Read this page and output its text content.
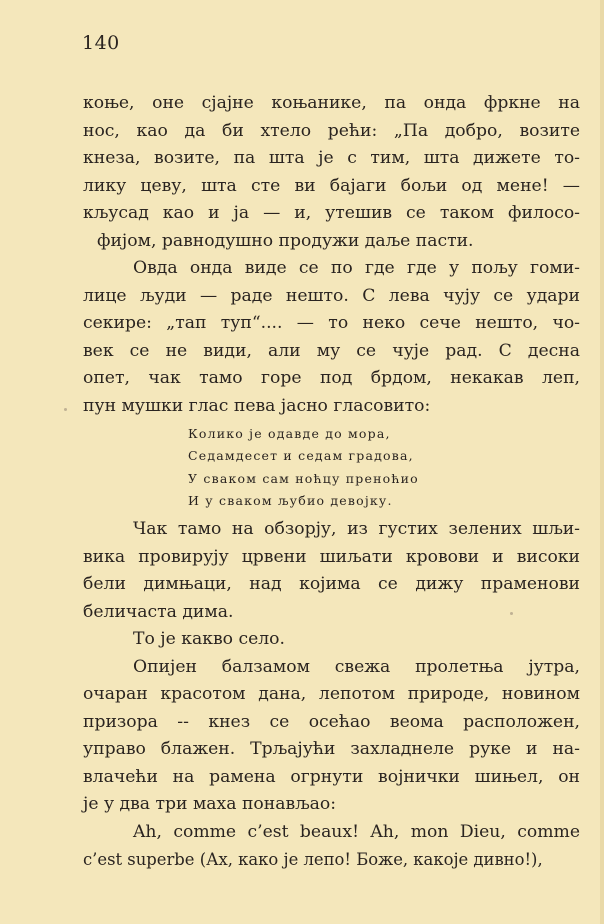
140
коње, оне сјајне коњанике, па онда фркне на
нос, као да би хтело рећи: „Па добро, возите
кнеза, возите, па шта је с тим, шта дижете то-
лику цеву, шта сте ви бајаги бољи од мене! —
кљусад као и ја — и, утешив се таком филосо-
фијом, равнодушно продужи даље пасти.
Овда онда виде се по где где у пољу гоми-
лице људи — раде нешто. С лева чују се удари
секире: „тап туп“.... — то неко сече нешто, чо-
век се не види, али му се чује рад. С десна
опет, чак тамо горе под брдом, некакав леп,
пун мушки глас пева јасно гласовито:
Колико је одавде до мора,
Седамдесет и седам градова,
У сваком сам ноћцу преноћио
И у сваком љубио девојку.
Чак тамо на обзорју, из густих зелених шљи-
вика провирују црвени шиљати кровови и високи
бели димњаци, над којима се дижу праменови
беличаста дима.
То је какво село.
Опијен балзамом свежа пролетња јутра,
очаран красотом дана, лепотом природе, новином
призора -- кнез се осећао веома расположен,
управо блажен. Трљајући захладнеле руке и на-
влачећи на рамена огрнути војнички шињел, он
је у два три маха понављао:
Ah, comme c’est beaux! Ah, mon Dieu, comme
c’est superbe (Ах, како је лепо! Боже, какоје дивно!),
